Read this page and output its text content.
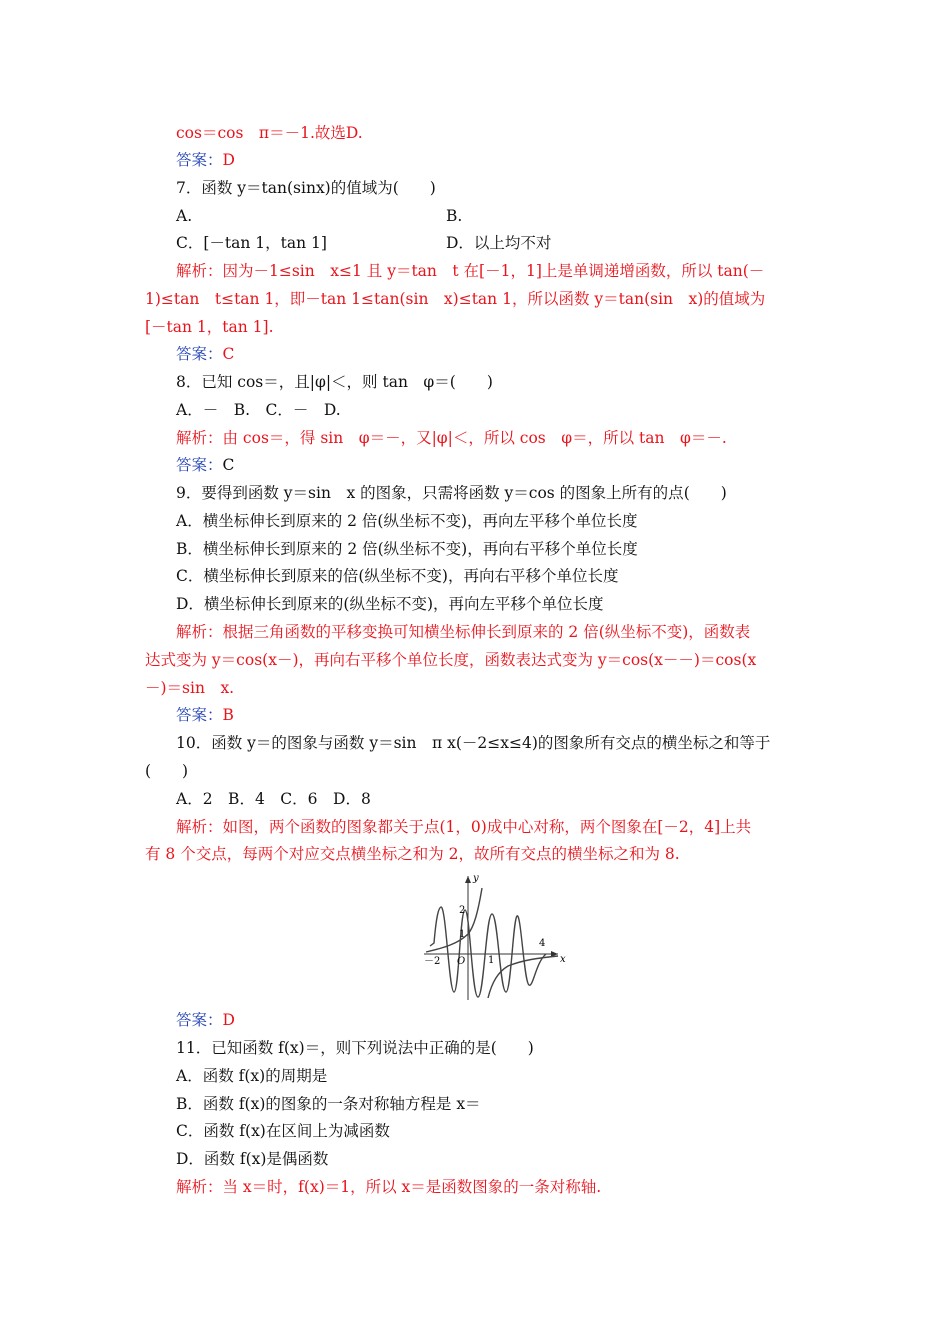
cos＝cos　π＝－1.故选D.
答案：D
7．函数 y＝tan(sinx)的值域为(　　)
A.	B.
C．[－tan 1，tan 1]	D．以上均不对
解析：因为－1≤sin　x≤1 且 y＝tan　t 在[－1，1]上是单调递增函数，所以 tan(－
1)≤tan　t≤tan 1，即－tan 1≤tan(sin　x)≤tan 1，所以函数 y＝tan(sin　x)的值域为
[－tan 1，tan 1].
答案：C
8．已知 cos＝，且|φ|＜，则 tan　φ＝(　　)
A．－　B.　C．－　D.
解析：由 cos＝，得 sin　φ＝－，又|φ|＜，所以 cos　φ＝，所以 tan　φ＝－.
答案：C
9．要得到函数 y＝sin　x 的图象，只需将函数 y＝cos 的图象上所有的点(　　)
A．横坐标伸长到原来的 2 倍(纵坐标不变)，再向左平移个单位长度
B．横坐标伸长到原来的 2 倍(纵坐标不变)，再向右平移个单位长度
C．横坐标伸长到原来的倍(纵坐标不变)，再向右平移个单位长度
D．横坐标伸长到原来的(纵坐标不变)，再向左平移个单位长度
解析：根据三角函数的平移变换可知横坐标伸长到原来的 2 倍(纵坐标不变)，函数表
达式变为 y＝cos(x－)，再向右平移个单位长度，函数表达式变为 y＝cos(x－－)＝cos(x
－)＝sin　x.
答案：B
10．函数 y＝的图象与函数 y＝sin　π x(－2≤x≤4)的图象所有交点的横坐标之和等于
(　　)
A．2　B．4　C．6　D．8
解析：如图，两个函数的图象都关于点(1，0)成中心对称，两个图象在[－2，4]上共
有 8 个交点，每两个对应交点横坐标之和为 2，故所有交点的横坐标之和为 8.
y
x
2
1
O 1
－2
4
答案：D
11．已知函数 f(x)＝，则下列说法中正确的是(　　)
A．函数 f(x)的周期是
B．函数 f(x)的图象的一条对称轴方程是 x＝
C．函数 f(x)在区间上为减函数
D．函数 f(x)是偶函数
解析：当 x＝时，f(x)＝1，所以 x＝是函数图象的一条对称轴.
